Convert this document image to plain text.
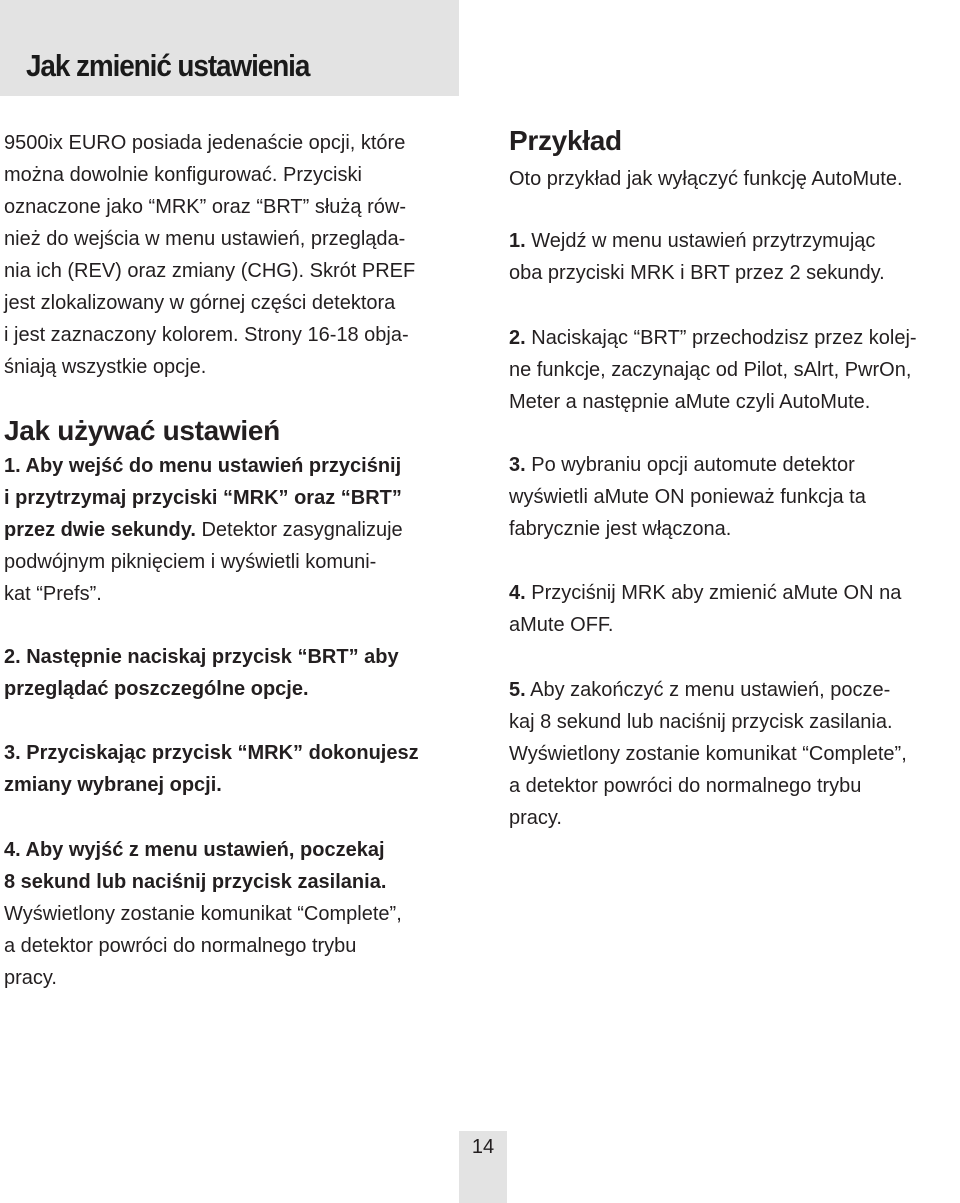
Jak zmienić ustawienia

9500ix EURO posiada jedenaście opcji, które

można dowolnie konfigurować. Przyciski

oznaczone jako “MRK” oraz “BRT” służą rów-

nież do wejścia w menu ustawień, przegląda-

nia ich (REV) oraz zmiany (CHG). Skrót PREF

jest zlokalizowany w górnej części detektora

i jest zaznaczony kolorem. Strony 16-18 obja-

śniają wszystkie opcje.

Jak używać ustawień

1. Aby wejść do menu ustawień przyciśnij

i przytrzymaj przyciski “MRK” oraz “BRT”

przez dwie sekundy. Detektor zasygnalizuje

podwójnym piknięciem i wyświetli komuni-

kat “Prefs”.

2. Następnie naciskaj przycisk “BRT” aby

przeglądać poszczególne opcje.

3. Przyciskając przycisk “MRK” dokonujesz

zmiany wybranej opcji.

4. Aby wyjść z menu ustawień, poczekaj

8 sekund lub naciśnij przycisk zasilania.

Wyświetlony zostanie komunikat “Complete”,

a detektor powróci do normalnego trybu

pracy.

Przykład

Oto przykład jak wyłączyć funkcję AutoMute.

1. Wejdź w menu ustawień przytrzymując

oba przyciski MRK i BRT przez 2 sekundy.

2. Naciskając “BRT” przechodzisz przez kolej-

ne funkcje, zaczynając od Pilot, sAlrt, PwrOn,

Meter a następnie aMute czyli AutoMute.

3. Po wybraniu opcji automute detektor

wyświetli aMute ON ponieważ funkcja ta

fabrycznie jest włączona.

4. Przyciśnij MRK aby zmienić aMute ON na

aMute OFF.

5. Aby zakończyć z menu ustawień, pocze-

kaj 8 sekund lub naciśnij przycisk zasilania.

Wyświetlony zostanie komunikat “Complete”,

a detektor powróci do normalnego trybu

pracy.

14
